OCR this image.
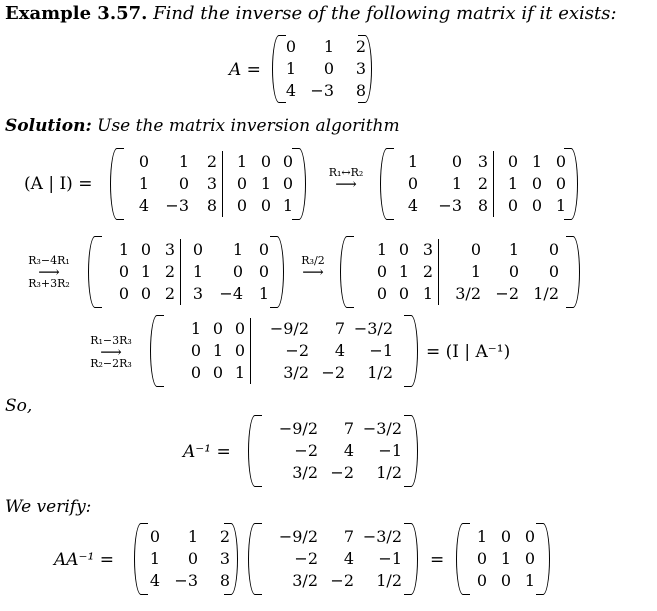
Example 3.57. Find the inverse of the following matrix if it exists:
A =
0	1	2
1	0	3
4	−3	8
Solution: Use the matrix inversion algorithm
(A | I) =
0	1	2	1	0	0
1	0	3	0	1	0
4	−3	8	0	0	1
R₁↔R₂
⟶
1	0	3	0	1	0
0	1	2	1	0	0
4	−3	8	0	0	1
R₃−4R₁
⟶
R₃+3R₂
1	0	3	0	1	0
0	1	2	1	0	0
0	0	2	3	−4	1
R₃/2
⟶
1	0	3	0	1	0
0	1	2	1	0	0
0	0	1	3/2	−2	1/2
R₁−3R₃
⟶
R₂−2R₃
1	0	0	−9/2	7	−3/2
0	1	0	−2	4	−1
0	0	1	3/2	−2	1/2
= (I | A⁻¹)
So,
A⁻¹ =
−9/2	7	−3/2
−2	4	−1
3/2	−2	1/2
We verify:
AA⁻¹ =
0	1	2
1	0	3
4	−3	8
−9/2	7	−3/2
−2	4	−1
3/2	−2	1/2
=
1	0	0
0	1	0
0	0	1
